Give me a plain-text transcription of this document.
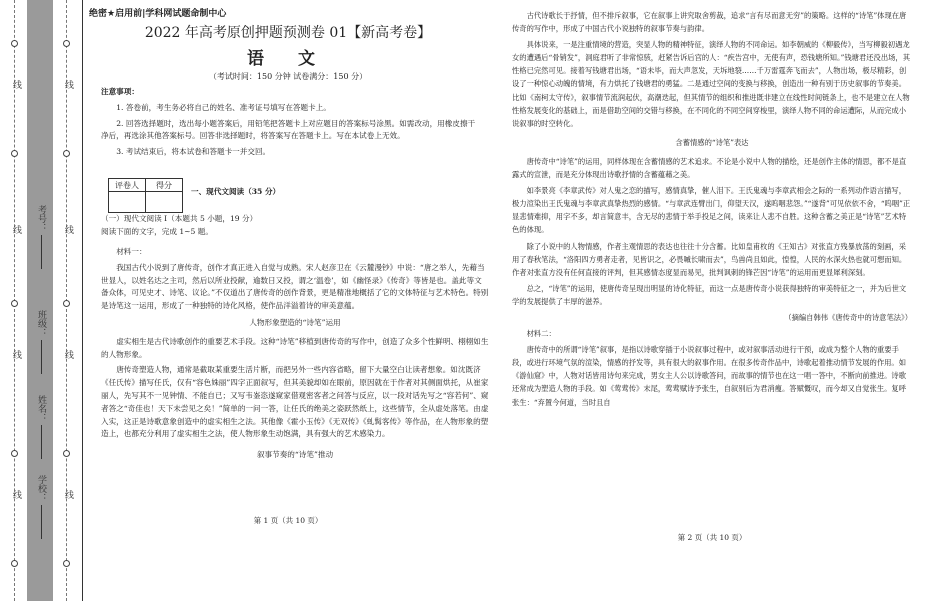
线
线
线
线
线
线
线
线
考号：
班级：
姓名：
学校：
绝密★启用前|学科网试题命制中心
2022 年高考原创押题预测卷 01【新高考卷】
语 文
（考试时间：150 分钟 试卷满分：150 分）
注意事项：
1. 答卷前，考生务必将自己的姓名、准考证号填写在答题卡上。
2. 回答选择题时，选出每小题答案后，用铅笔把答题卡上对应题目的答案标号涂黑。如需改动，用橡皮擦干净后，再选涂其他答案标号。回答非选择题时，将答案写在答题卡上。写在本试卷上无效。
3. 考试结束后，将本试卷和答题卡一并交回。
评卷人	得分

一、现代文阅读（35 分）
（一）现代文阅读 I（本题共 5 小题，19 分）阅读下面的文字，完成 1~5 题。
材料一：
我国古代小说到了唐传奇，创作才真正进入自觉与成熟。宋人赵彦卫在《云麓漫钞》中说：“唐之举人，先藉当世显人，以姓名达之主司，然后以所业投献，逾数日又投，谓之‘温卷’，如《幽怪录》《传奇》等皆是也。盖此等文备众体，可见史才、诗笔、议论。”不仅道出了唐传奇的创作背景，更是精准地概括了它的文体特征与艺术特色。特别是诗笔这一运用，形成了一种独特的诗化风格，使作品洋溢着诗的审美意蕴。
人物形象塑造的“诗笔”运用
虚实相生是古代诗歌创作的重要艺术手段。这种“诗笔”移植到唐传奇的写作中，创造了众多个性鲜明、栩栩如生的人物形象。
唐传奇塑造人物，通常是截取某重要生活片断，而把另外一些内容省略，留下大量空白让读者想象。如沈既济《任氏传》描写任氏，仅有“容色姝丽”四字正面叙写，但其美貌却如在眼前，原因就在于作者对其侧面烘托，从崔家丽人，先写其不一见钟情、不能自已；又写韦崟恣遂窥家借观密客者之问答与反应，以一段对话先写之“容若何”、窥者答之“奇佳也！天下未尝见之矣！”简单的一问一答，让任氏的绝美之姿跃然纸上，这些情节，全从虚处落笔。由虚入实，这正是诗歌意象创造中的虚实相生之法。其他像《霍小玉传》《无双传》《虬髯客传》等作品，在人物形象的塑造上，也都充分利用了虚实相生之法，使人物形象生动饱满，具有强大的艺术感染力。
叙事节奏的“诗笔”推动
第 1 页（共 10 页）
古代诗歌长于抒情，但不排斥叙事，它在叙事上讲究取舍剪裁，追求“言有尽而意无穷”的策略。这样的“诗笔”体现在唐传奇的写作中，形成了中国古代小说独特的叙事节奏与韵律。
具体说来，一是注重情境的营造，突显人物的精神特征，演绎人物的不同命运。如李朝威的《柳毅传》，当写柳毅初遇龙女的遭遇后“骨销发”，洞庭君听了非常惊骇，赶紧告诉后宫的人：“疾告宫中，无使有声，恐钱塘所知。”钱塘君还没出场，其性格已完然可见。接着写钱塘君出场，“语未毕，而大声忽发，天坼地裂……千万雷霆奔飞而去”，人物出场，极尽精彩，创设了一种惊心动魄的情境，有力烘托了钱塘君的勇猛。二是通过空间的变换与移换，创造出一种有别于历史叙事的节奏美。比如《南柯太守传》，叙事情节流润起伏，高潮迭起，但其情节的组织和推进既非建立在线性时间链条上，也不是建立在人物性格发展变化的基础上，而是借助空间的交错与移换，在不同化的不同空间穿梭里，演绎人物不同的命运遭际，从而完成小说叙事的时空转化。
含蓄情感的“诗笔”表达
唐传奇中“诗笔”的运用，同样体现在含蓄情感的艺术追求。不论是小说中人物的描绘，还是创作主体的情思，都不是直露式的宣泄，而是充分体现出诗歌抒情的含蓄蕴藉之美。
如李景亮《李章武传》对人鬼之恋的描写，感情真挚，催人泪下。王氏鬼魂与李章武相会之际的一系列动作语言描写，极力渲染出王氏鬼魂与李章武真挚热烈的感情。“与章武连臂出门，仰望天汉，遂呜咽悲怨。”“遂背”可见依依不舍，“呜咽”正显悲情难抑，用字不多，却言简意丰，含无尽的悲情于举手投足之间，读来让人悲不自胜。这种含蓄之美正是“诗笔”艺术特色的体现。
除了小说中的人物情感，作者主观情思的表达也往往十分含蓄。比如皇甫枚的《王知古》对张直方残暴放荡的刻画，采用了春秋笔法，“洛阳四方勇者走者，见皆识之，必畏嘁长啸而去”，鸟兽尚且如此，惶惶，人民的水深火热也就可想而知。作者对张直方没有任何直接的评判，但其感情态度显而易见，批判讽刺的锋芒因“诗笔”的运用而更显犀利深刻。
总之，“诗笔”的运用，使唐传奇呈现出明显的诗化特征，而这一点是唐传奇小说获得独特的审美特征之一，并为后世文学的发展提供了丰厚的滋养。
（摘编自韩伟《唐传奇中的诗意笔法》）
材料二：
唐传奇中的所谓“诗笔”叙事，是指以诗歌穿插于小说叙事过程中，或对叙事活动进行干预，或成为整个人物的重要手段，或进行环境气氛的渲染，情感的抒发等，具有很大的叙事作用。在很多传奇作品中，诗歌起着推动情节发展的作用。如《游仙窟》中，人物对话皆用诗句来完成，男女主人公以诗歌答问，而故事的情节也在这一唱一答中，不断向前推进。诗歌还常成为塑造人物的手段。如《莺莺传》末尾，莺莺赋诗予张生，自叙别后为君消瘦。答赋慨叹，而今却又自觉张生。复呼张生：“弃置今何道，当时且自
第 2 页（共 10 页）
